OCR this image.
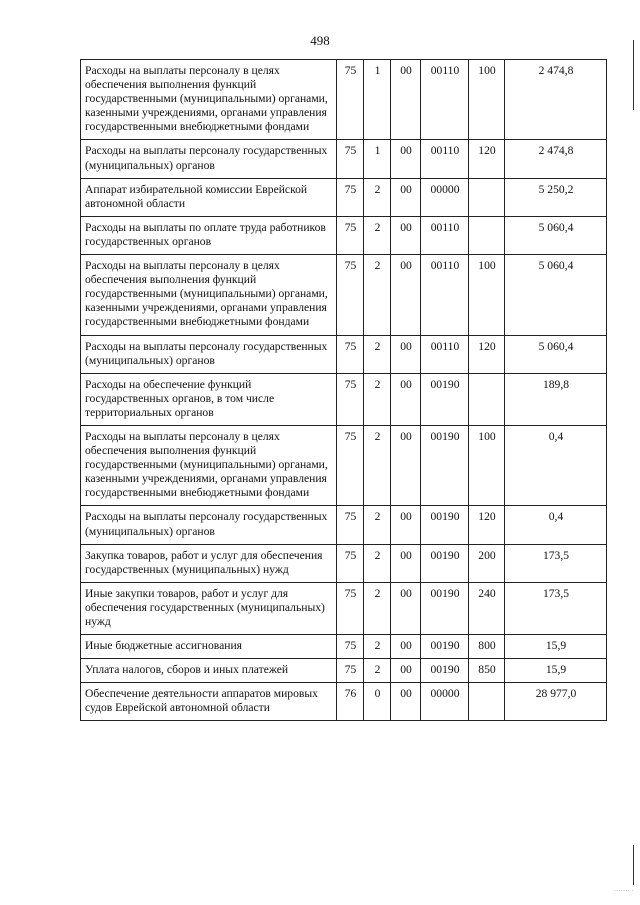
498
Расходы на выплаты персоналу в целях обеспечения выполнения функций государственными (муниципальными) органами, казенными учреждениями, органами управления государственными внебюджетными фондами	75	1	00	00110	100	2 474,8
Расходы на выплаты персоналу государственных (муниципальных) органов	75	1	00	00110	120	2 474,8
Аппарат избирательной комиссии Еврейской автономной области	75	2	00	00000		5 250,2
Расходы на выплаты по оплате труда работников государственных органов	75	2	00	00110		5 060,4
Расходы на выплаты персоналу в целях обеспечения выполнения функций государственными (муниципальными) органами, казенными учреждениями, органами управления государственными внебюджетными фондами	75	2	00	00110	100	5 060,4
Расходы на выплаты персоналу государственных (муниципальных) органов	75	2	00	00110	120	5 060,4
Расходы на обеспечение функций государственных органов, в том числе территориальных органов	75	2	00	00190		189,8
Расходы на выплаты персоналу в целях обеспечения выполнения функций государственными (муниципальными) органами, казенными учреждениями, органами управления государственными внебюджетными фондами	75	2	00	00190	100	0,4
Расходы на выплаты персоналу государственных (муниципальных) органов	75	2	00	00190	120	0,4
Закупка товаров, работ и услуг для обеспечения государственных (муниципальных) нужд	75	2	00	00190	200	173,5
Иные закупки товаров, работ и услуг для обеспечения государственных (муниципальных) нужд	75	2	00	00190	240	173,5
Иные бюджетные ассигнования	75	2	00	00190	800	15,9
Уплата налогов, сборов и иных платежей	75	2	00	00190	850	15,9
Обеспечение деятельности аппаратов мировых судов Еврейской автономной области	76	0	00	00000		28 977,0
˙˙˙˙˙˙˙ ˙
